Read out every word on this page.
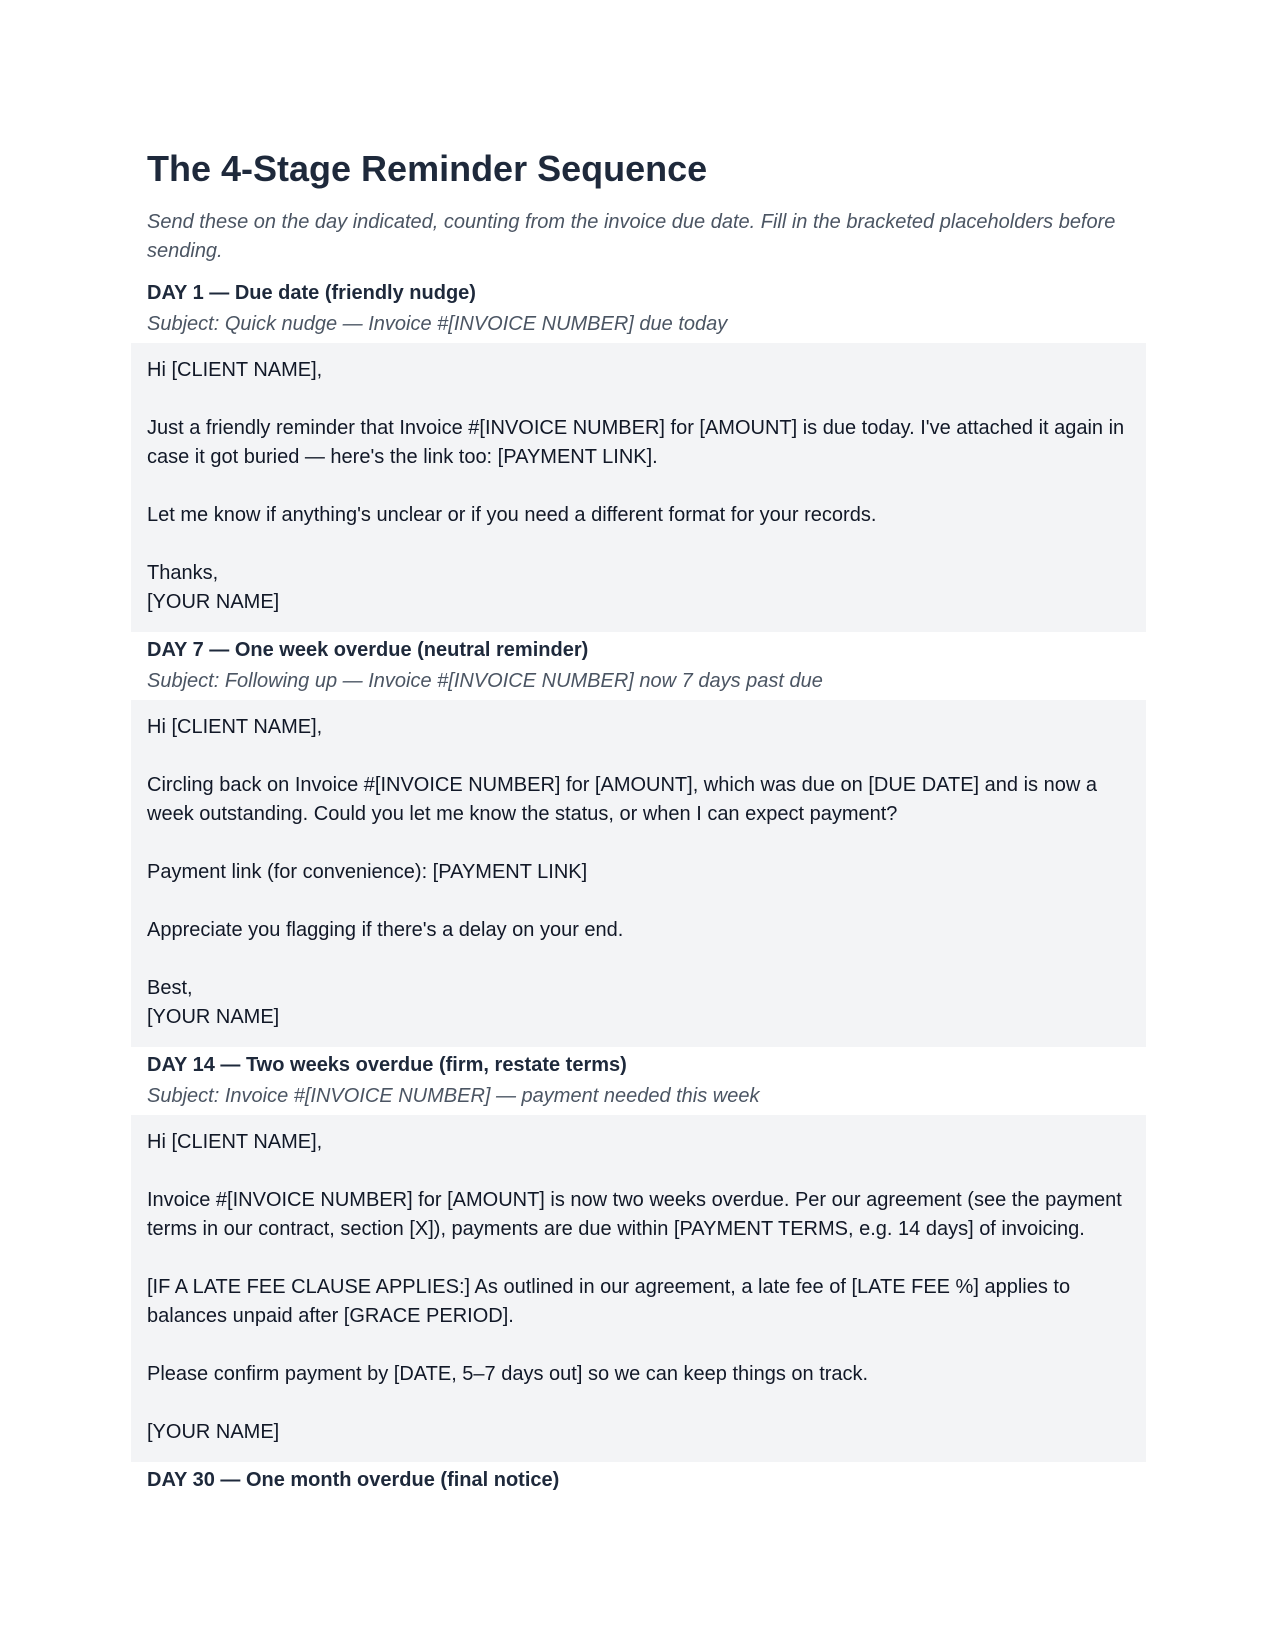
The 4-Stage Reminder Sequence

Send these on the day indicated, counting from the invoice due date. Fill in the bracketed placeholders before sending.

DAY 1 — Due date (friendly nudge)

Subject: Quick nudge — Invoice #[INVOICE NUMBER] due today

Hi [CLIENT NAME],

Just a friendly reminder that Invoice #[INVOICE NUMBER] for [AMOUNT] is due today. I've attached it again in case it got buried — here's the link too: [PAYMENT LINK].

Let me know if anything's unclear or if you need a different format for your records.

Thanks,

[YOUR NAME]

DAY 7 — One week overdue (neutral reminder)

Subject: Following up — Invoice #[INVOICE NUMBER] now 7 days past due

Hi [CLIENT NAME],

Circling back on Invoice #[INVOICE NUMBER] for [AMOUNT], which was due on [DUE DATE] and is now a week outstanding. Could you let me know the status, or when I can expect payment?

Payment link (for convenience): [PAYMENT LINK]

Appreciate you flagging if there's a delay on your end.

Best,

[YOUR NAME]

DAY 14 — Two weeks overdue (firm, restate terms)

Subject: Invoice #[INVOICE NUMBER] — payment needed this week

Hi [CLIENT NAME],

Invoice #[INVOICE NUMBER] for [AMOUNT] is now two weeks overdue. Per our agreement (see the payment terms in our contract, section [X]), payments are due within [PAYMENT TERMS, e.g. 14 days] of invoicing.

[IF A LATE FEE CLAUSE APPLIES:] As outlined in our agreement, a late fee of [LATE FEE %] applies to balances unpaid after [GRACE PERIOD].

Please confirm payment by [DATE, 5–7 days out] so we can keep things on track.

[YOUR NAME]

DAY 30 — One month overdue (final notice)
